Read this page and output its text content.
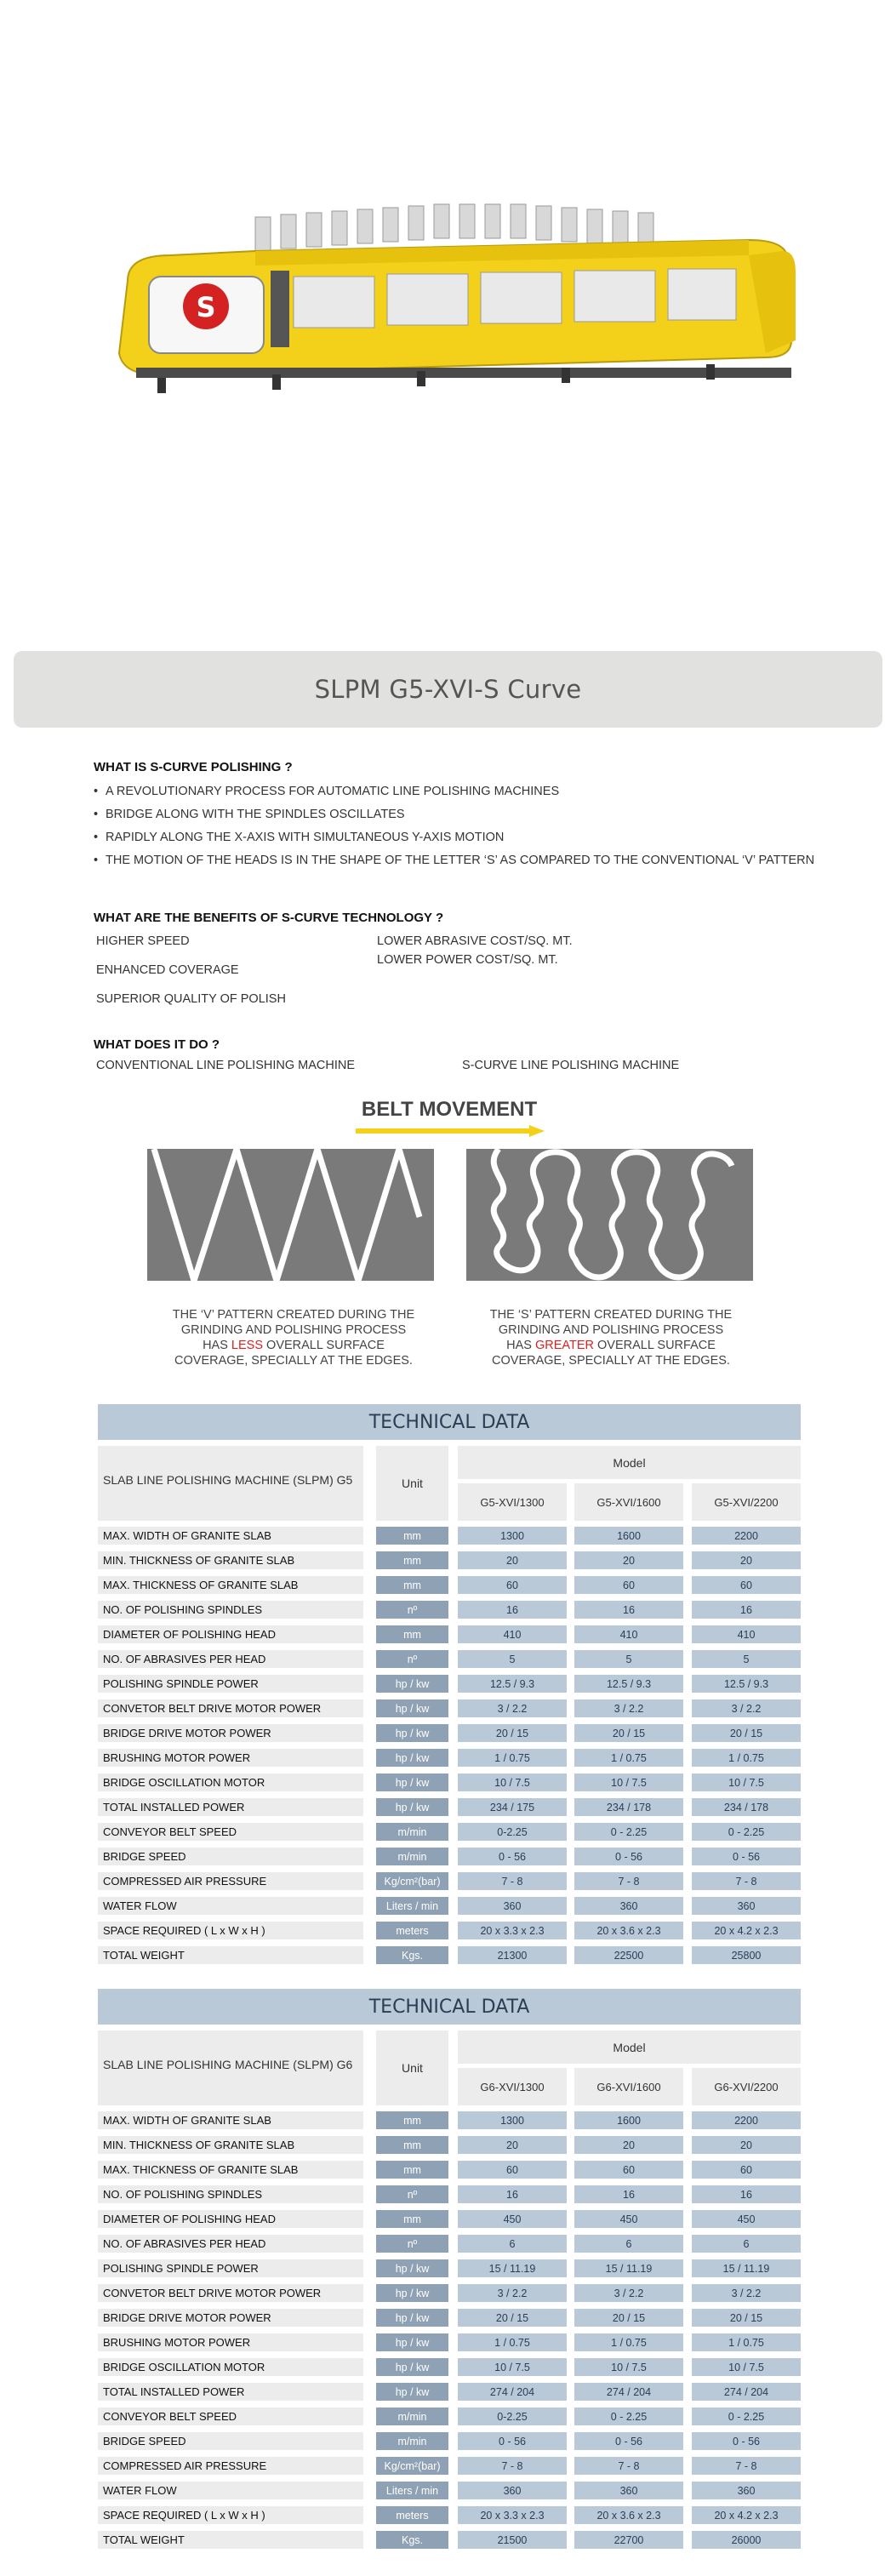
S
SLPM G5-XVI-S Curve
WHAT IS S-CURVE POLISHING ?
• A REVOLUTIONARY PROCESS FOR AUTOMATIC LINE POLISHING MACHINES
• BRIDGE ALONG WITH THE SPINDLES OSCILLATES
• RAPIDLY ALONG THE X-AXIS WITH SIMULTANEOUS Y-AXIS MOTION
• THE MOTION OF THE HEADS IS IN THE SHAPE OF THE LETTER ‘S’ AS COMPARED TO THE CONVENTIONAL ‘V’ PATTERN
WHAT ARE THE BENEFITS OF S-CURVE TECHNOLOGY ?
HIGHER SPEED	LOWER ABRASIVE COST/SQ. MT.
ENHANCED COVERAGE
LOWER POWER COST/SQ. MT.
SUPERIOR QUALITY OF POLISH
WHAT DOES IT DO ?
CONVENTIONAL LINE POLISHING MACHINE	S-CURVE LINE POLISHING MACHINE
BELT MOVEMENT
THE ‘V’ PATTERN CREATED DURING THE GRINDING AND POLISHING PROCESS HAS LESS OVERALL SURFACE COVERAGE, SPECIALLY AT THE EDGES.
THE ‘S’ PATTERN CREATED DURING THE GRINDING AND POLISHING PROCESS HAS GREATER OVERALL SURFACE COVERAGE, SPECIALLY AT THE EDGES.
TECHNICAL DATA
SLAB LINE POLISHING MACHINE (SLPM) G5	Unit
Model
G5-XVI/1300	G5-XVI/1600	G5-XVI/2200
MAX. WIDTH OF GRANITE SLAB	mm	1300	1600	2200
MIN. THICKNESS OF GRANITE SLAB	mm	20	20	20
MAX. THICKNESS OF GRANITE SLAB	mm	60	60	60
NO. OF POLISHING SPINDLES	nº	16	16	16
DIAMETER OF POLISHING HEAD	mm	410	410	410
NO. OF ABRASIVES PER HEAD	nº	5	5	5
POLISHING SPINDLE POWER	hp / kw	12.5 / 9.3	12.5 / 9.3	12.5 / 9.3
CONVETOR BELT DRIVE MOTOR POWER	hp / kw	3 / 2.2	3 / 2.2	3 / 2.2
BRIDGE DRIVE MOTOR POWER	hp / kw	20 / 15	20 / 15	20 / 15
BRUSHING MOTOR POWER	hp / kw	1 / 0.75	1 / 0.75	1 / 0.75
BRIDGE OSCILLATION MOTOR	hp / kw	10 / 7.5	10 / 7.5	10 / 7.5
TOTAL INSTALLED POWER	hp / kw	234 / 175	234 / 178	234 / 178
CONVEYOR BELT SPEED	m/min	0-2.25	0 - 2.25	0 - 2.25
BRIDGE SPEED	m/min	0 - 56	0 - 56	0 - 56
COMPRESSED AIR PRESSURE	Kg/cm²(bar)	7 - 8	7 - 8	7 - 8
WATER FLOW	Liters / min	360	360	360
SPACE REQUIRED ( L x W x H )	meters	20 x 3.3 x 2.3	20 x 3.6 x 2.3	20 x 4.2 x 2.3
TOTAL WEIGHT	Kgs.	21300	22500	25800
TECHNICAL DATA
SLAB LINE POLISHING MACHINE (SLPM) G6	Unit
Model
G6-XVI/1300	G6-XVI/1600	G6-XVI/2200
MAX. WIDTH OF GRANITE SLAB	mm	1300	1600	2200
MIN. THICKNESS OF GRANITE SLAB	mm	20	20	20
MAX. THICKNESS OF GRANITE SLAB	mm	60	60	60
NO. OF POLISHING SPINDLES	nº	16	16	16
DIAMETER OF POLISHING HEAD	mm	450	450	450
NO. OF ABRASIVES PER HEAD	nº	6	6	6
POLISHING SPINDLE POWER	hp / kw	15 / 11.19	15 / 11.19	15 / 11.19
CONVETOR BELT DRIVE MOTOR POWER	hp / kw	3 / 2.2	3 / 2.2	3 / 2.2
BRIDGE DRIVE MOTOR POWER	hp / kw	20 / 15	20 / 15	20 / 15
BRUSHING MOTOR POWER	hp / kw	1 / 0.75	1 / 0.75	1 / 0.75
BRIDGE OSCILLATION MOTOR	hp / kw	10 / 7.5	10 / 7.5	10 / 7.5
TOTAL INSTALLED POWER	hp / kw	274 / 204	274 / 204	274 / 204
CONVEYOR BELT SPEED	m/min	0-2.25	0 - 2.25	0 - 2.25
BRIDGE SPEED	m/min	0 - 56	0 - 56	0 - 56
COMPRESSED AIR PRESSURE	Kg/cm²(bar)	7 - 8	7 - 8	7 - 8
WATER FLOW	Liters / min	360	360	360
SPACE REQUIRED ( L x W x H )	meters	20 x 3.3 x 2.3	20 x 3.6 x 2.3	20 x 4.2 x 2.3
TOTAL WEIGHT	Kgs.	21500	22700	26000
